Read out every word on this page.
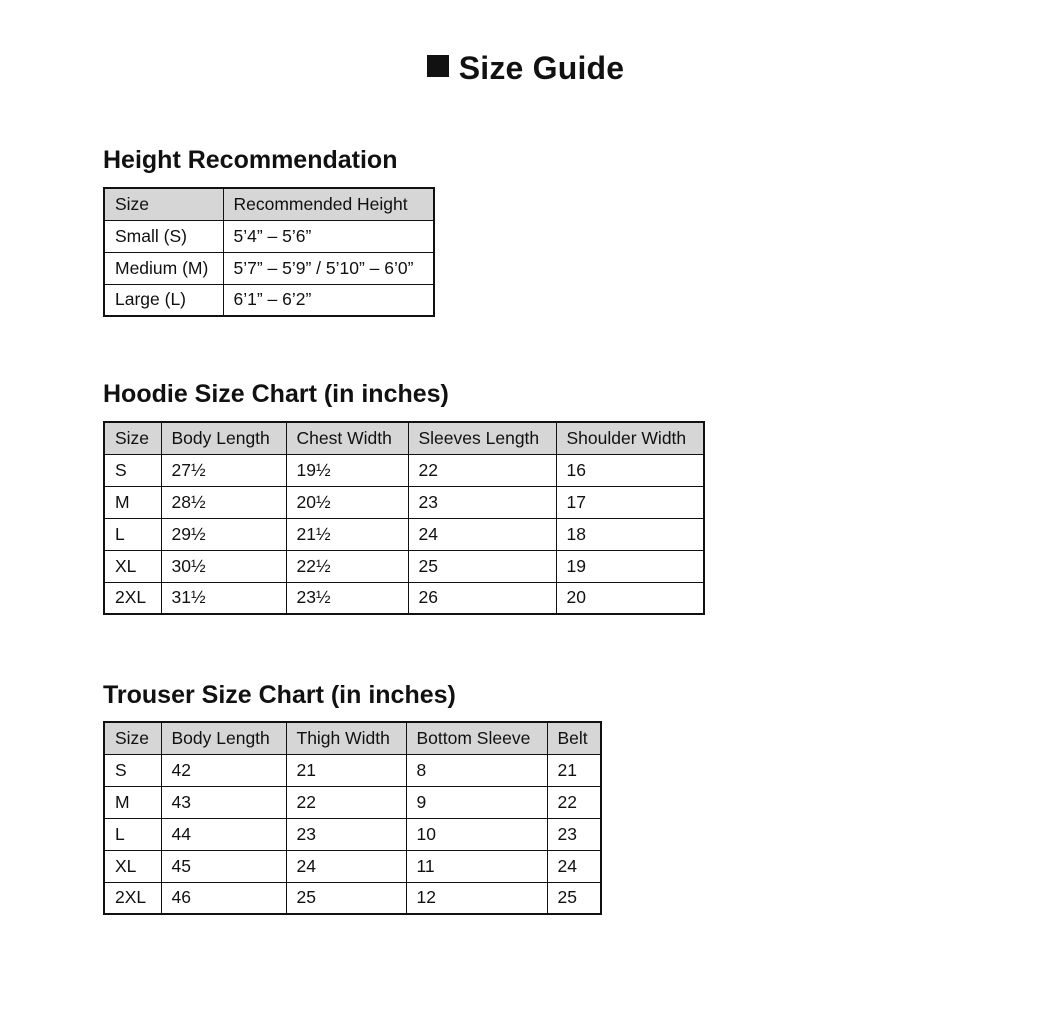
Size Guide
Height Recommendation
Size	Recommended Height
Small (S)	5’4” – 5’6”
Medium (M)	5’7” – 5’9” / 5’10” – 6’0”
Large (L)	6’1” – 6’2”
Hoodie Size Chart (in inches)
Size	Body Length	Chest Width	Sleeves Length	Shoulder Width
S	27½	19½	22	16
M	28½	20½	23	17
L	29½	21½	24	18
XL	30½	22½	25	19
2XL	31½	23½	26	20
Trouser Size Chart (in inches)
Size	Body Length	Thigh Width	Bottom Sleeve	Belt
S	42	21	8	21
M	43	22	9	22
L	44	23	10	23
XL	45	24	11	24
2XL	46	25	12	25
